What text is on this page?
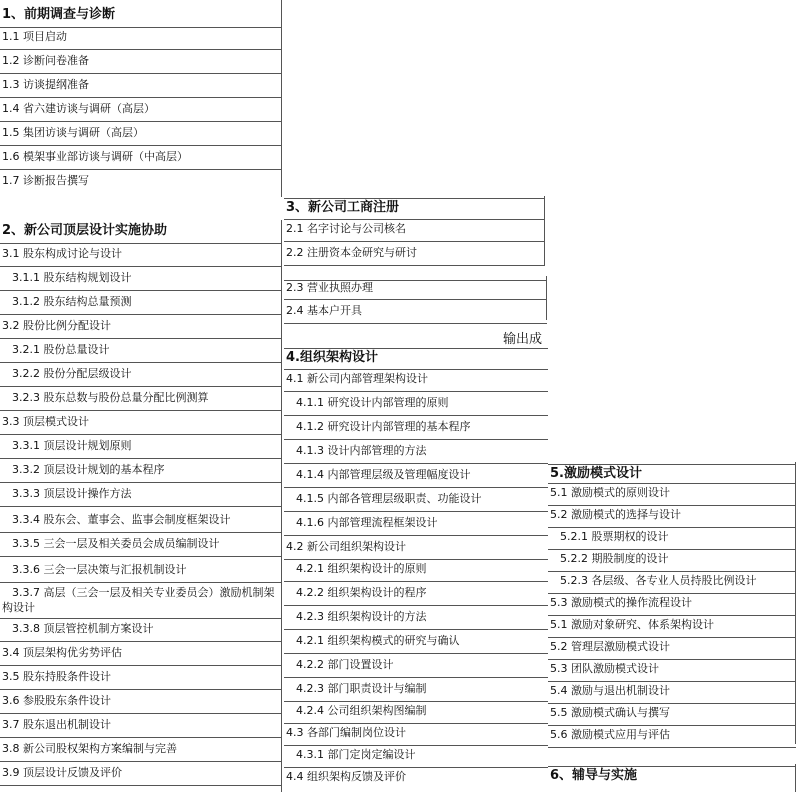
1、前期调查与诊断
1.1 项目启动
1.2 诊断问卷准备
1.3 访谈提纲准备
1.4 省六建访谈与调研（高层）
1.5 集团访谈与调研（高层）
1.6 模架事业部访谈与调研（中高层）
1.7 诊断报告撰写
2、新公司顶层设计实施协助
3.1 股东构成讨论与设计
3.1.1 股东结构规划设计
3.1.2 股东结构总量预测
3.2 股份比例分配设计
3.2.1 股份总量设计
3.2.2 股份分配层级设计
3.2.3 股东总数与股份总量分配比例测算
3.3 顶层模式设计
3.3.1 顶层设计规划原则
3.3.2 顶层设计规划的基本程序
3.3.3 顶层设计操作方法
3.3.4 股东会、董事会、监事会制度框架设计
3.3.5 三会一层及相关委员会成员编制设计
3.3.6 三会一层决策与汇报机制设计
3.3.7 高层（三会一层及相关专业委员会）激励机制架构设计
3.3.8 顶层管控机制方案设计
3.4 顶层架构优劣势评估
3.5 股东持股条件设计
3.6 参股股东条件设计
3.7 股东退出机制设计
3.8 新公司股权架构方案编制与完善
3.9 顶层设计反馈及评价
3、新公司工商注册
2.1 名字讨论与公司核名
2.2 注册资本金研究与研讨
2.3 营业执照办理
2.4 基本户开具
4.组织架构设计
4.1 新公司内部管理架构设计
4.1.1 研究设计内部管理的原则
4.1.2 研究设计内部管理的基本程序
4.1.3 设计内部管理的方法
4.1.4 内部管理层级及管理幅度设计
4.1.5 内部各管理层级职责、功能设计
4.1.6 内部管理流程框架设计
4.2 新公司组织架构设计
4.2.1 组织架构设计的原则
4.2.2 组织架构设计的程序
4.2.3 组织架构设计的方法
4.2.1 组织架构模式的研究与确认
4.2.2 部门设置设计
4.2.3 部门职责设计与编制
4.2.4 公司组织架构图编制
4.3 各部门编制岗位设计
4.3.1 部门定岗定编设计
4.4 组织架构反馈及评价
输出成
5.激励模式设计
5.1 激励模式的原则设计
5.2 激励模式的选择与设计
5.2.1 股票期权的设计
5.2.2 期股制度的设计
5.2.3 各层级、各专业人员持股比例设计
5.3 激励模式的操作流程设计
5.1 激励对象研究、体系架构设计
5.2 管理层激励模式设计
5.3 团队激励模式设计
5.4 激励与退出机制设计
5.5 激励模式确认与撰写
5.6 激励模式应用与评估
6、辅导与实施
